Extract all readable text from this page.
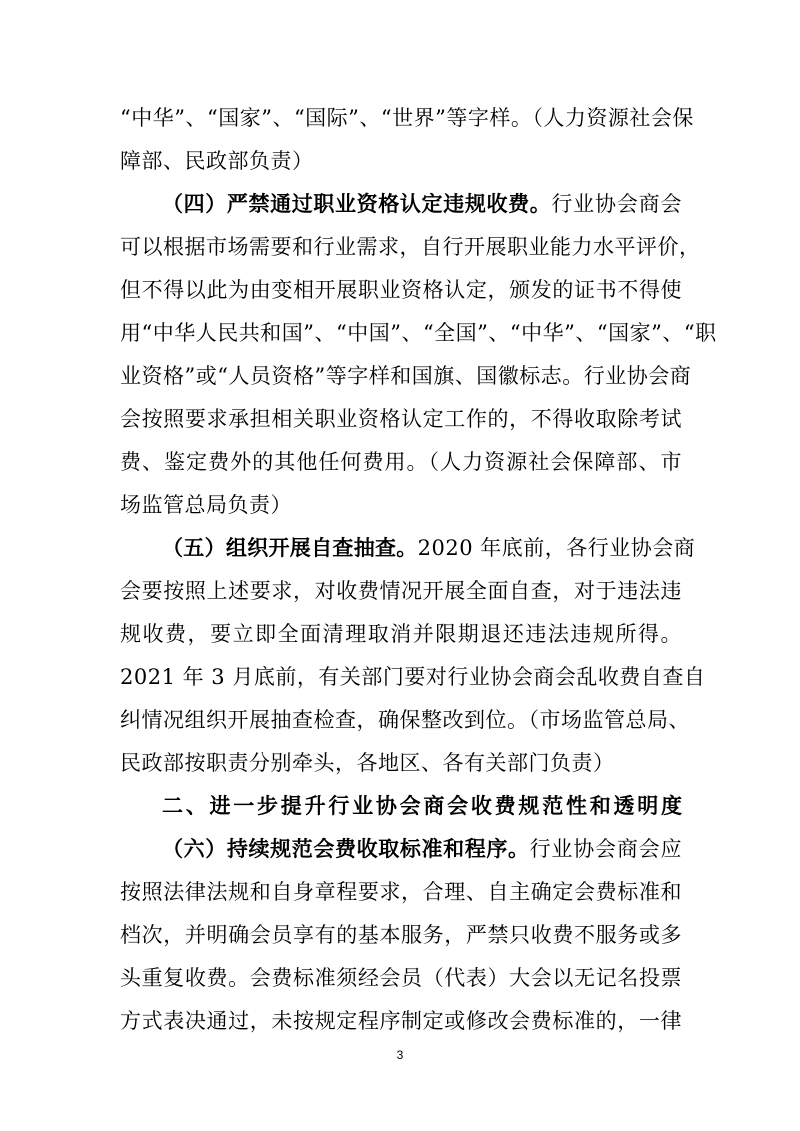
“中华”、“国家”、“国际”、“世界”等字样。（人力资源社会保
障部、民政部负责）
（四）严禁通过职业资格认定违规收费。行业协会商会
可以根据市场需要和行业需求，自行开展职业能力水平评价，
但不得以此为由变相开展职业资格认定，颁发的证书不得使
用“中华人民共和国”、“中国”、“全国”、“中华”、“国家”、“职
业资格”或“人员资格”等字样和国旗、国徽标志。行业协会商
会按照要求承担相关职业资格认定工作的，不得收取除考试
费、鉴定费外的其他任何费用。（人力资源社会保障部、市
场监管总局负责）
（五）组织开展自查抽查。2020 年底前，各行业协会商
会要按照上述要求，对收费情况开展全面自查，对于违法违
规收费，要立即全面清理取消并限期退还违法违规所得。
2021 年 3 月底前，有关部门要对行业协会商会乱收费自查自
纠情况组织开展抽查检查，确保整改到位。（市场监管总局、
民政部按职责分别牵头，各地区、各有关部门负责）
二、进一步提升行业协会商会收费规范性和透明度
（六）持续规范会费收取标准和程序。行业协会商会应
按照法律法规和自身章程要求，合理、自主确定会费标准和
档次，并明确会员享有的基本服务，严禁只收费不服务或多
头重复收费。会费标准须经会员（代表）大会以无记名投票
方式表决通过，未按规定程序制定或修改会费标准的，一律
3
